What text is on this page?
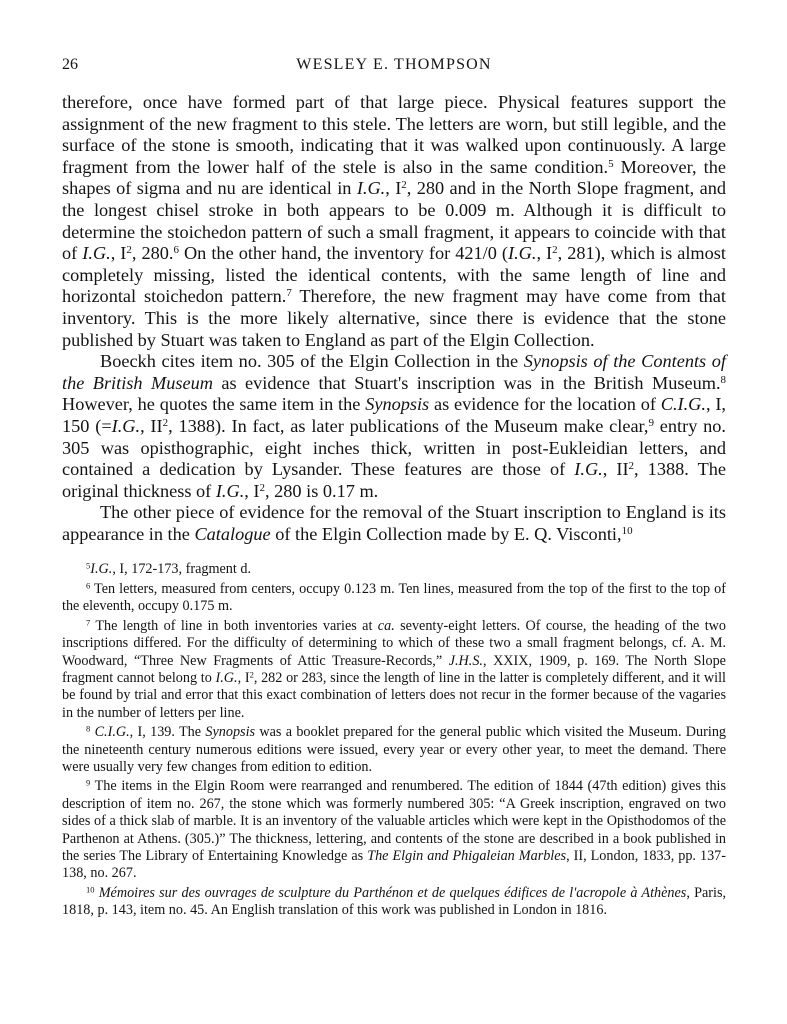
26	WESLEY E. THOMPSON

therefore, once have formed part of that large piece. Physical features support the assignment of the new fragment to this stele. The letters are worn, but still legible, and the surface of the stone is smooth, indicating that it was walked upon continuously. A large fragment from the lower half of the stele is also in the same condition.$^5$ Moreover, the shapes of sigma and nu are identical in I.G., $I^2$, 280 and in the North Slope fragment, and the longest chisel stroke in both appears to be 0.009 m. Although it is difficult to determine the stoichedon pattern of such a small fragment, it appears to coincide with that of I.G., $I^2$, 280.$^6$ On the other hand, the inventory for 421/0 (I.G., $I^2$, 281), which is almost completely missing, listed the identical contents, with the same length of line and horizontal stoichedon pattern.$^7$ Therefore, the new fragment may have come from that inventory. This is the more likely alternative, since there is evidence that the stone published by Stuart was taken to England as part of the Elgin Collection.

Boeckh cites item no. 305 of the Elgin Collection in the Synopsis of the Contents of the British Museum as evidence that Stuart's inscription was in the British Museum.$^8$ However, he quotes the same item in the Synopsis as evidence for the location of C.I.G., I, 150 (=I.G., $II^2$, 1388). In fact, as later publications of the Museum make clear,$^9$ entry no. 305 was opisthographic, eight inches thick, written in post-Eukleidian letters, and contained a dedication by Lysander. These features are those of I.G., $II^2$, 1388. The original thickness of I.G., $I^2$, 280 is 0.17 m.

The other piece of evidence for the removal of the Stuart inscription to England is its appearance in the Catalogue of the Elgin Collection made by E. Q. Visconti,$^{10}$

$^5$I.G., I, 172-173, fragment d.

$^6$ Ten letters, measured from centers, occupy 0.123 m. Ten lines, measured from the top of the first to the top of the eleventh, occupy 0.175 m.

$^7$ The length of line in both inventories varies at ca. seventy-eight letters. Of course, the heading of the two inscriptions differed. For the difficulty of determining to which of these two a small fragment belongs, cf. A. M. Woodward, “Three New Fragments of Attic Treasure-Records,” J.H.S., XXIX, 1909, p. 169. The North Slope fragment cannot belong to I.G., $I^2$, 282 or 283, since the length of line in the latter is completely different, and it will be found by trial and error that this exact combination of letters does not recur in the former because of the vagaries in the number of letters per line.

$^8$ C.I.G., I, 139. The Synopsis was a booklet prepared for the general public which visited the Museum. During the nineteenth century numerous editions were issued, every year or every other year, to meet the demand. There were usually very few changes from edition to edition.

$^9$ The items in the Elgin Room were rearranged and renumbered. The edition of 1844 (47th edition) gives this description of item no. 267, the stone which was formerly numbered 305: “A Greek inscription, engraved on two sides of a thick slab of marble. It is an inventory of the valuable articles which were kept in the Opisthodomos of the Parthenon at Athens. (305.)” The thickness, lettering, and contents of the stone are described in a book published in the series The Library of Entertaining Knowledge as The Elgin and Phigaleian Marbles, II, London, 1833, pp. 137-138, no. 267.

$^{10}$ Mémoires sur des ouvrages de sculpture du Parthénon et de quelques édifices de l'acropole à Athènes, Paris, 1818, p. 143, item no. 45. An English translation of this work was published in London in 1816.
